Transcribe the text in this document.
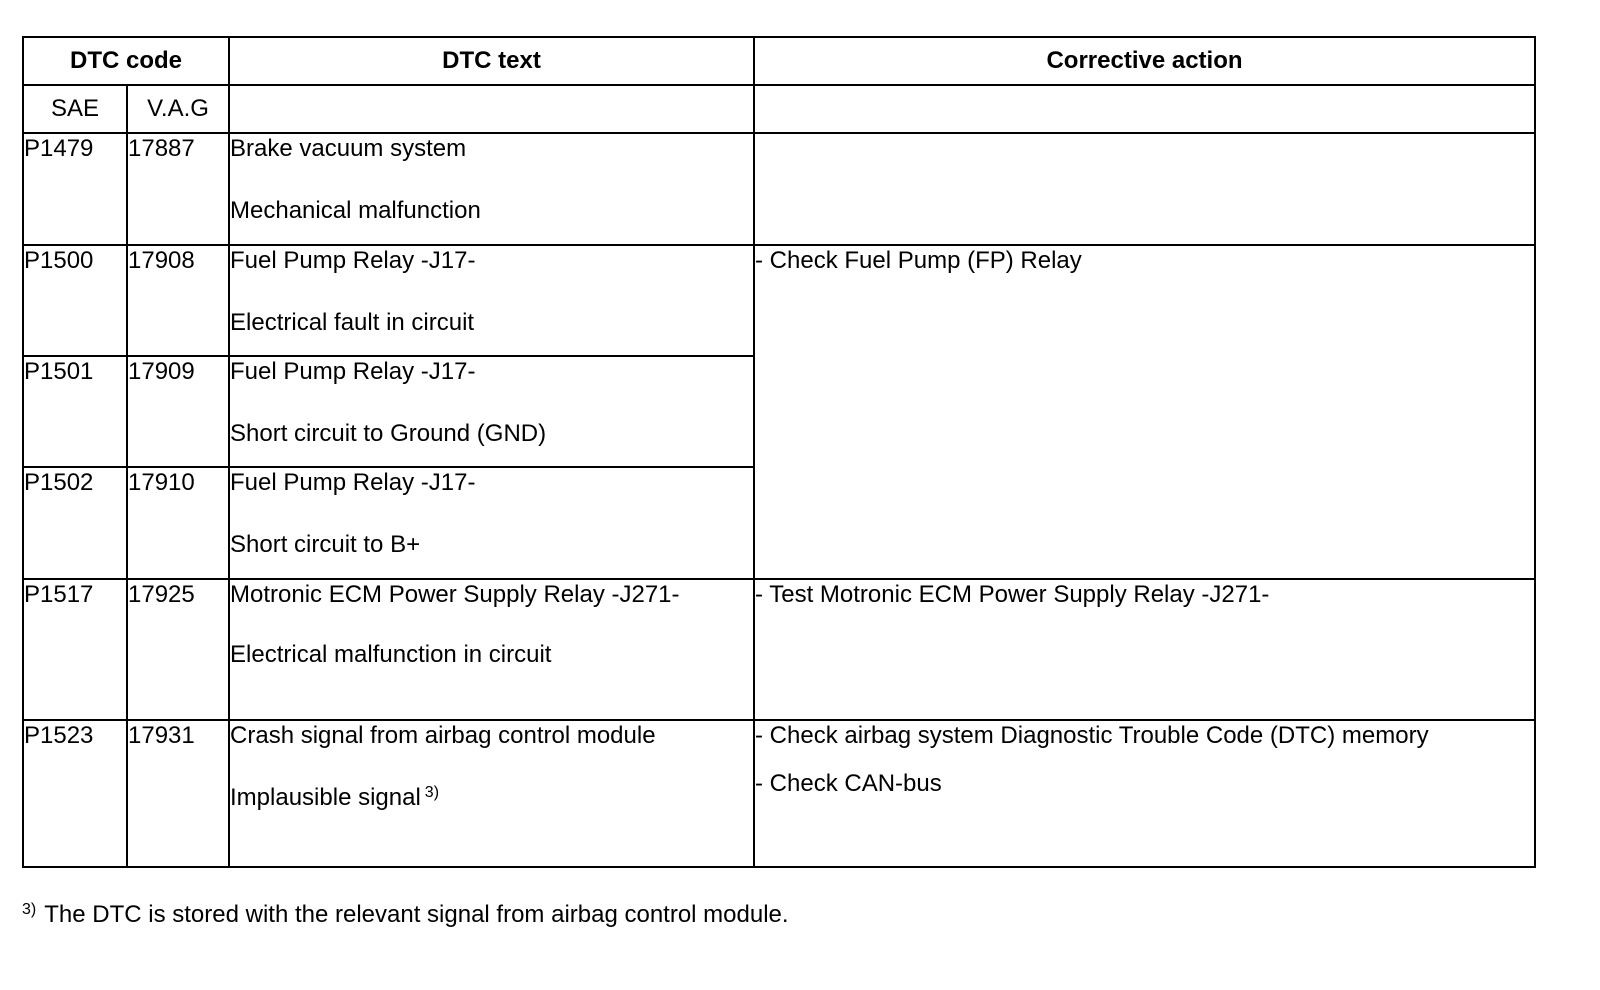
DTC code		DTC text	Corrective action
SAE	V.A.G		
P1479	17887	Brake vacuum system
Mechanical malfunction	

P1500	17908	Fuel Pump Relay -J17-
Electrical fault in circuit	- Check Fuel Pump (FP) Relay
P1501	17909	Fuel Pump Relay -J17-
Short circuit to Ground (GND)	

P1502	17910	Fuel Pump Relay -J17-
Short circuit to B+	

P1517	17925	Motronic ECM Power Supply Relay -J271-
Electrical malfunction in circuit	- Test Motronic ECM Power Supply Relay -J271-
P1523	17931	Crash signal from airbag control module
Implausible signal $^{3)}$	- Check airbag system Diagnostic Trouble Code (DTC) memory
- Check CAN-bus
$^{3)}$ The DTC is stored with the relevant signal from airbag control module.
